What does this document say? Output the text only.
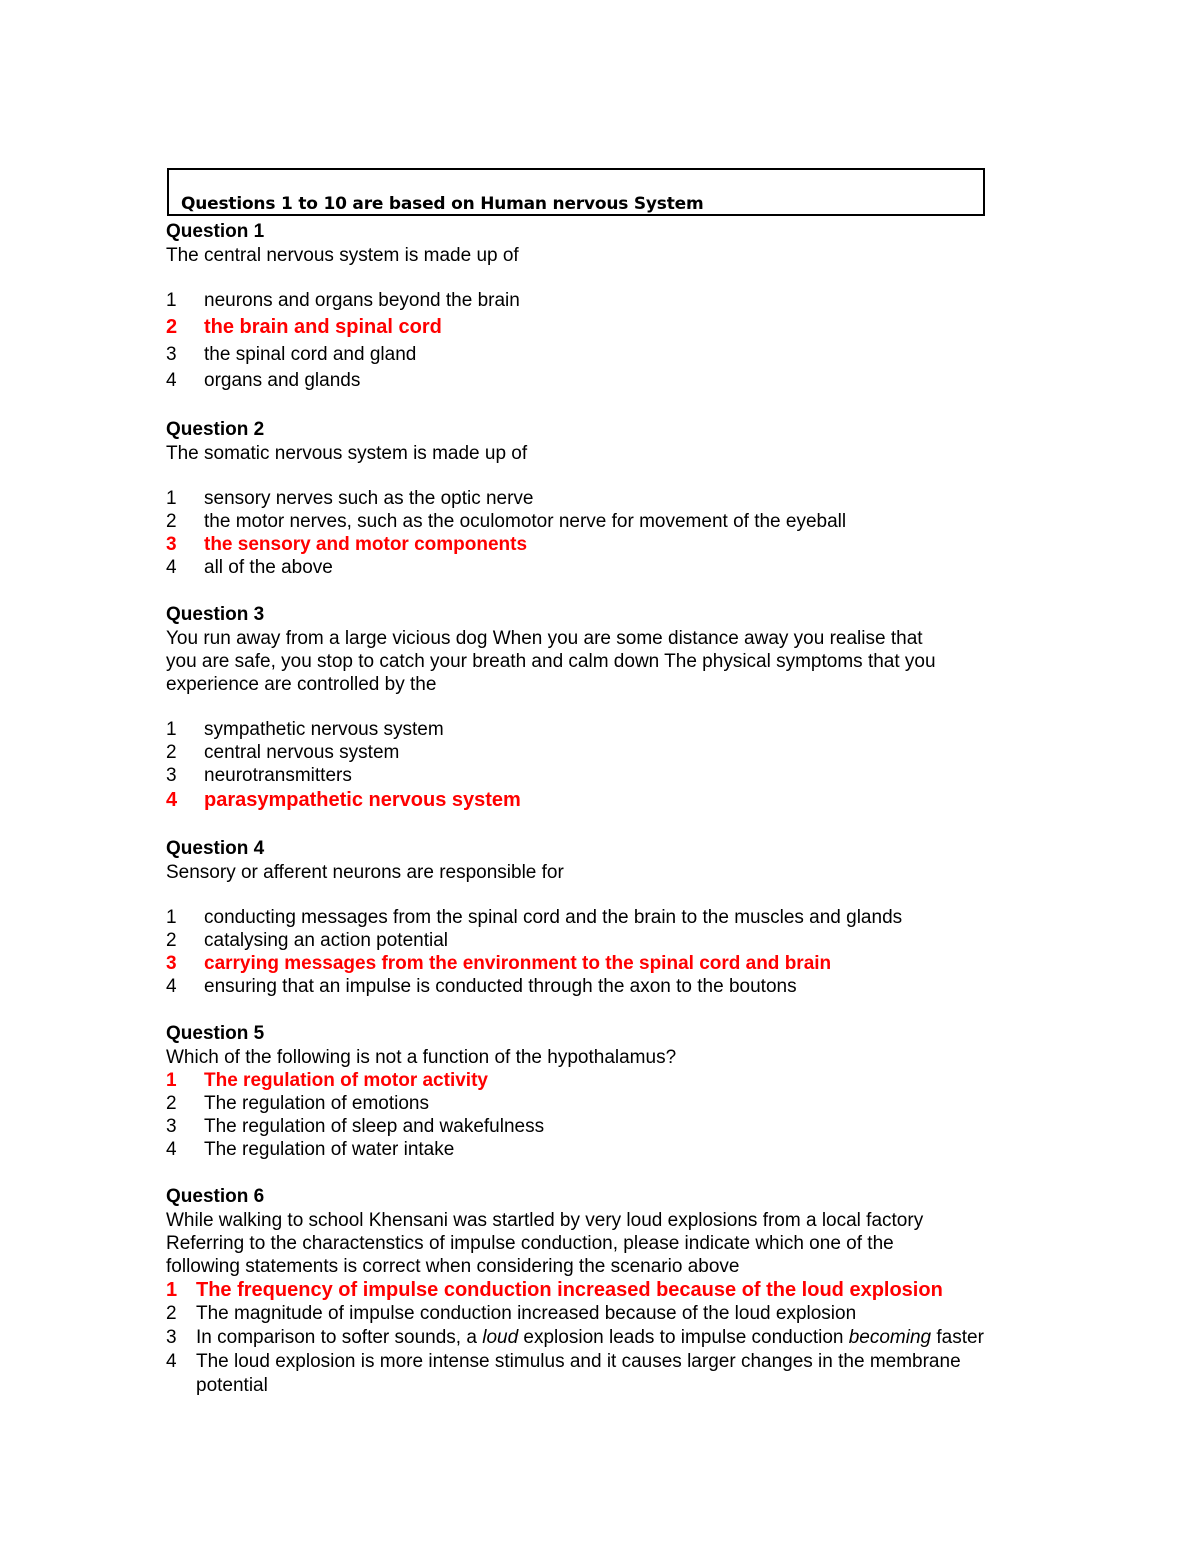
Questions 1 to 10 are based on Human nervous System

Question 1

The central nervous system is made up of

1	neurons and organs beyond the brain
2	the brain and spinal cord
3	the spinal cord and gland
4	organs and glands

Question 2

The somatic nervous system is made up of

1	sensory nerves such as the optic nerve
2	the motor nerves, such as the oculomotor nerve for movement of the eyeball
3	the sensory and motor components
4	all of the above

Question 3

You run away from a large vicious dog When you are some distance away you realise that

you are safe, you stop to catch your breath and calm down The physical symptoms that you

experience are controlled by the

1	sympathetic nervous system
2	central nervous system
3	neurotransmitters
4	parasympathetic nervous system

Question 4

Sensory or afferent neurons are responsible for

1	conducting messages from the spinal cord and the brain to the muscles and glands
2	catalysing an action potential
3	carrying messages from the environment to the spinal cord and brain
4	ensuring that an impulse is conducted through the axon to the boutons

Question 5

Which of the following is not a function of the hypothalamus?

1	The regulation of motor activity
2	The regulation of emotions
3	The regulation of sleep and wakefulness
4	The regulation of water intake

Question 6

While walking to school Khensani was startled by very loud explosions from a local factory

Referring to the charactenstics of impulse conduction, please indicate which one of the

following statements is correct when considering the scenario above

1 The frequency of impulse conduction increased because of the loud explosion
2	The magnitude of impulse conduction increased because of the loud explosion
3	In comparison to softer sounds, a loud explosion leads to impulse conduction becoming faster
4	The loud explosion is more intense stimulus and it causes larger changes in the membrane
potential
